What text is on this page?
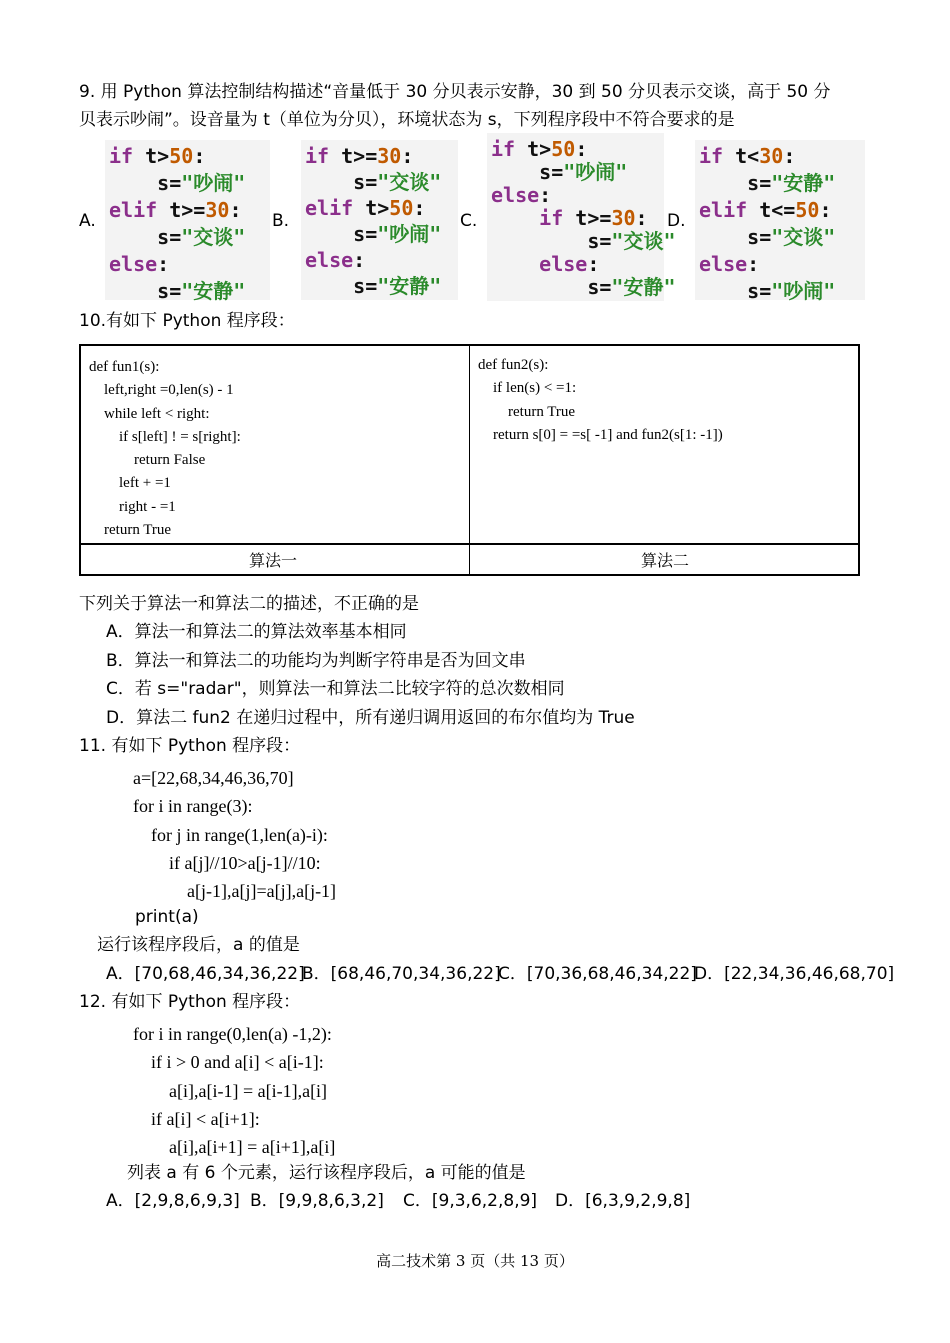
9. 用 Python 算法控制结构描述“音量低于 30 分贝表示安静，30 到 50 分贝表示交谈，高于 50 分
贝表示吵闹”。设音量为 t（单位为分贝），环境状态为 s，下列程序段中不符合要求的是
A.
if t>50:
s="吵闹"
elif t>=30:
s="交谈"
else:
s="安静"
B.
if t>=30:
s="交谈"
elif t>50:
s="吵闹"
else:
s="安静"
C.
if t>50:
s="吵闹"
else:
if t>=30:
s="交谈"
else:
s="安静"
D.
if t<30:
s="安静"
elif t<=50:
s="交谈"
else:
s="吵闹"
10.有如下 Python 程序段：
def fun1(s):
left,right =0,len(s) - 1
while left < right:
if s[left] ! = s[right]:
return False
left + =1
right - =1
return True
def fun2(s):
if len(s) < =1:
return True
return s[0] = =s[ -1] and fun2(s[1: -1])
算法一	算法二
下列关于算法一和算法二的描述，不正确的是
A．算法一和算法二的算法效率基本相同
B．算法一和算法二的功能均为判断字符串是否为回文串
C．若 s="radar"，则算法一和算法二比较字符的总次数相同
D．算法二 fun2 在递归过程中，所有递归调用返回的布尔值均为 True
11. 有如下 Python 程序段：
a=[22,68,34,46,36,70]
for i in range(3):
for j in range(1,len(a)-i):
if a[j]//10>a[j-1]//10:
a[j-1],a[j]=a[j],a[j-1]
print(a)
运行该程序段后，a 的值是
A．[70,68,46,34,36,22]
B．[68,46,70,34,36,22]
C．[70,36,68,46,34,22]
D．[22,34,36,46,68,70]
12. 有如下 Python 程序段：
for i in range(0,len(a) -1,2):
if i > 0 and a[i] < a[i-1]:
a[i],a[i-1] = a[i-1],a[i]
if a[i] < a[i+1]:
a[i],a[i+1] = a[i+1],a[i]
列表 a 有 6 个元素，运行该程序段后，a 可能的值是
A．[2,9,8,6,9,3] B．[9,9,8,6,3,2] C．[9,3,6,2,8,9] D．[6,3,9,2,9,8]
高二技术第 3 页（共 13 页）
